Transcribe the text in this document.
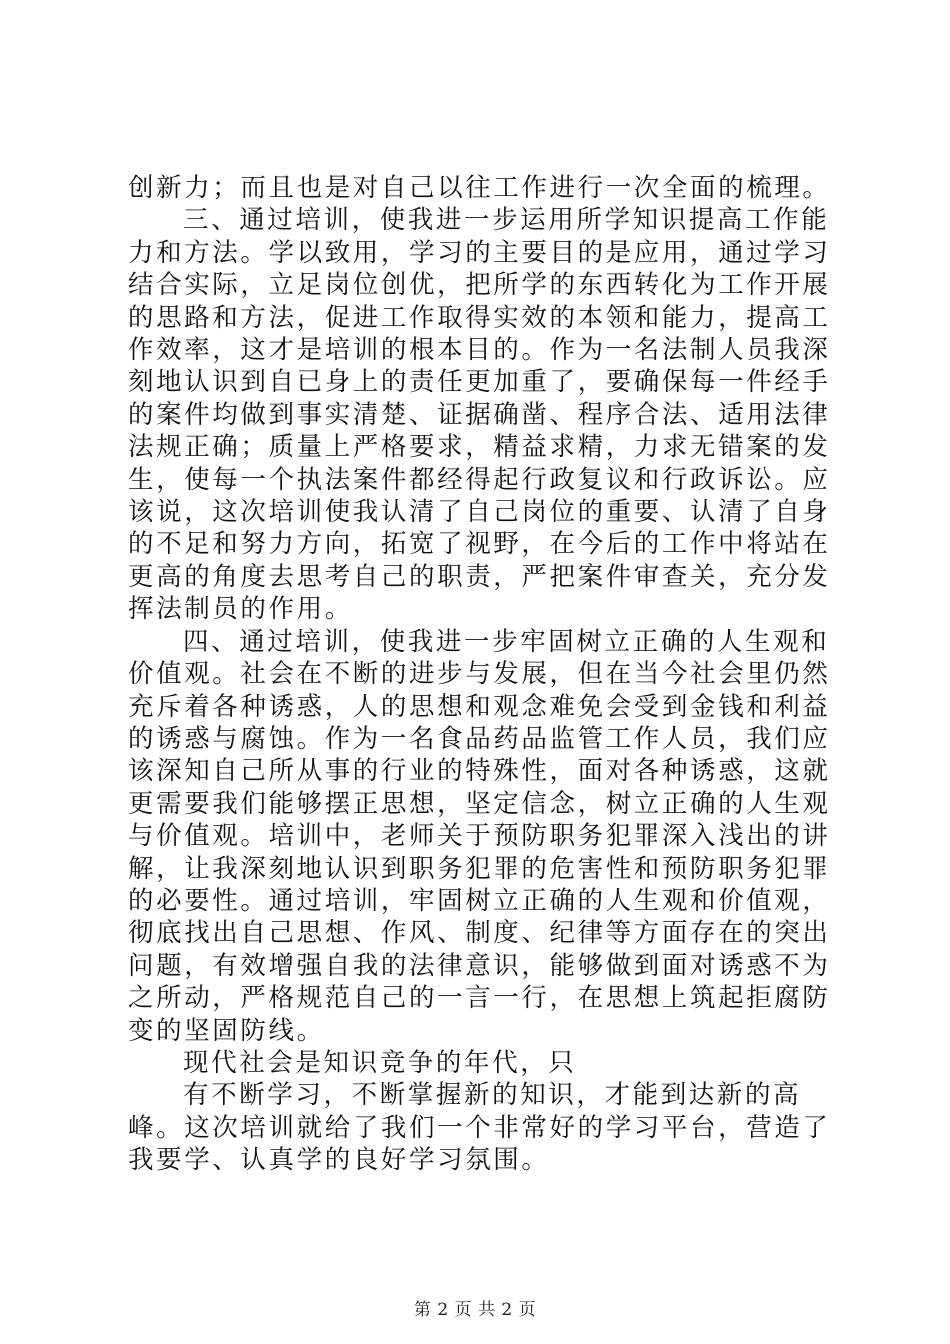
创新力；而且也是对自己以往工作进行一次全面的梳理。

三、通过培训，使我进一步运用所学知识提高工作能力和方法。学以致用，学习的主要目的是应用，通过学习结合实际，立足岗位创优，把所学的东西转化为工作开展的思路和方法，促进工作取得实效的本领和能力，提高工作效率，这才是培训的根本目的。作为一名法制人员我深刻地认识到自已身上的责任更加重了，要确保每一件经手的案件均做到事实清楚、证据确凿、程序合法、适用法律法规正确；质量上严格要求，精益求精，力求无错案的发生，使每一个执法案件都经得起行政复议和行政诉讼。应该说，这次培训使我认清了自己岗位的重要、认清了自身的不足和努力方向，拓宽了视野，在今后的工作中将站在更高的角度去思考自己的职责，严把案件审查关，充分发挥法制员的作用。

四、通过培训，使我进一步牢固树立正确的人生观和价值观。社会在不断的进步与发展，但在当今社会里仍然充斥着各种诱惑，人的思想和观念难免会受到金钱和利益的诱惑与腐蚀。作为一名食品药品监管工作人员，我们应该深知自己所从事的行业的特殊性，面对各种诱惑，这就更需要我们能够摆正思想，坚定信念，树立正确的人生观与价值观。培训中，老师关于预防职务犯罪深入浅出的讲解，让我深刻地认识到职务犯罪的危害性和预防职务犯罪的必要性。通过培训，牢固树立正确的人生观和价值观，彻底找出自己思想、作风、制度、纪律等方面存在的突出问题，有效增强自我的法律意识，能够做到面对诱惑不为之所动，严格规范自己的一言一行，在思想上筑起拒腐防变的坚固防线。

现代社会是知识竞争的年代，只

有不断学习，不断掌握新的知识，才能到达新的高峰。这次培训就给了我们一个非常好的学习平台，营造了我要学、认真学的良好学习氛围。

第 2 页 共 2 页
